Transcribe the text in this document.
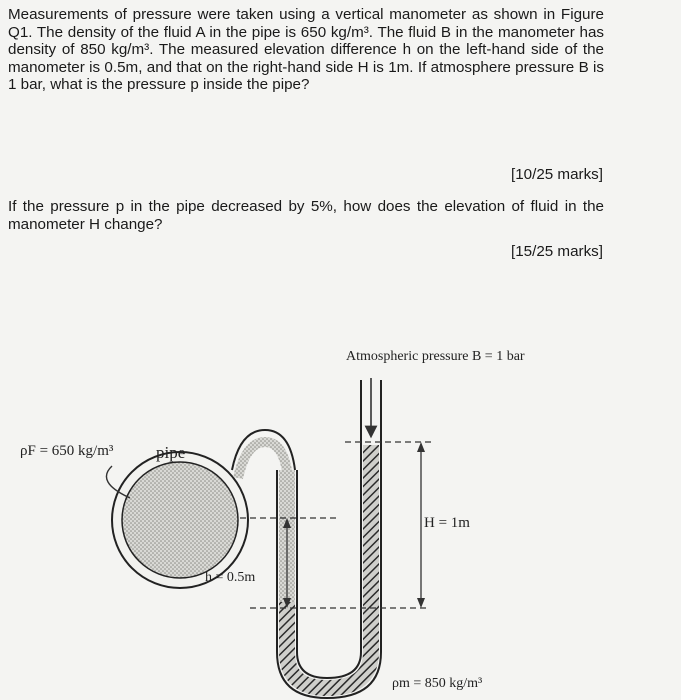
Measurements of pressure were taken using a vertical manometer as shown in Figure Q1. The density of the fluid A in the pipe is 650 kg/m³. The fluid B in the manometer has density of 850 kg/m³. The measured elevation difference h on the left-hand side of the manometer is 0.5m, and that on the right-hand side H is 1m. If atmosphere pressure B is 1 bar, what is the pressure p inside the pipe?

[10/25 marks]

If the pressure p in the pipe decreased by 5%, how does the elevation of fluid in the manometer H change?

[15/25 marks]

Atmospheric pressure B = 1 bar
ρF = 650 kg/m³	pipe
H = 1m
h = 0.5m
ρm = 850 kg/m³
